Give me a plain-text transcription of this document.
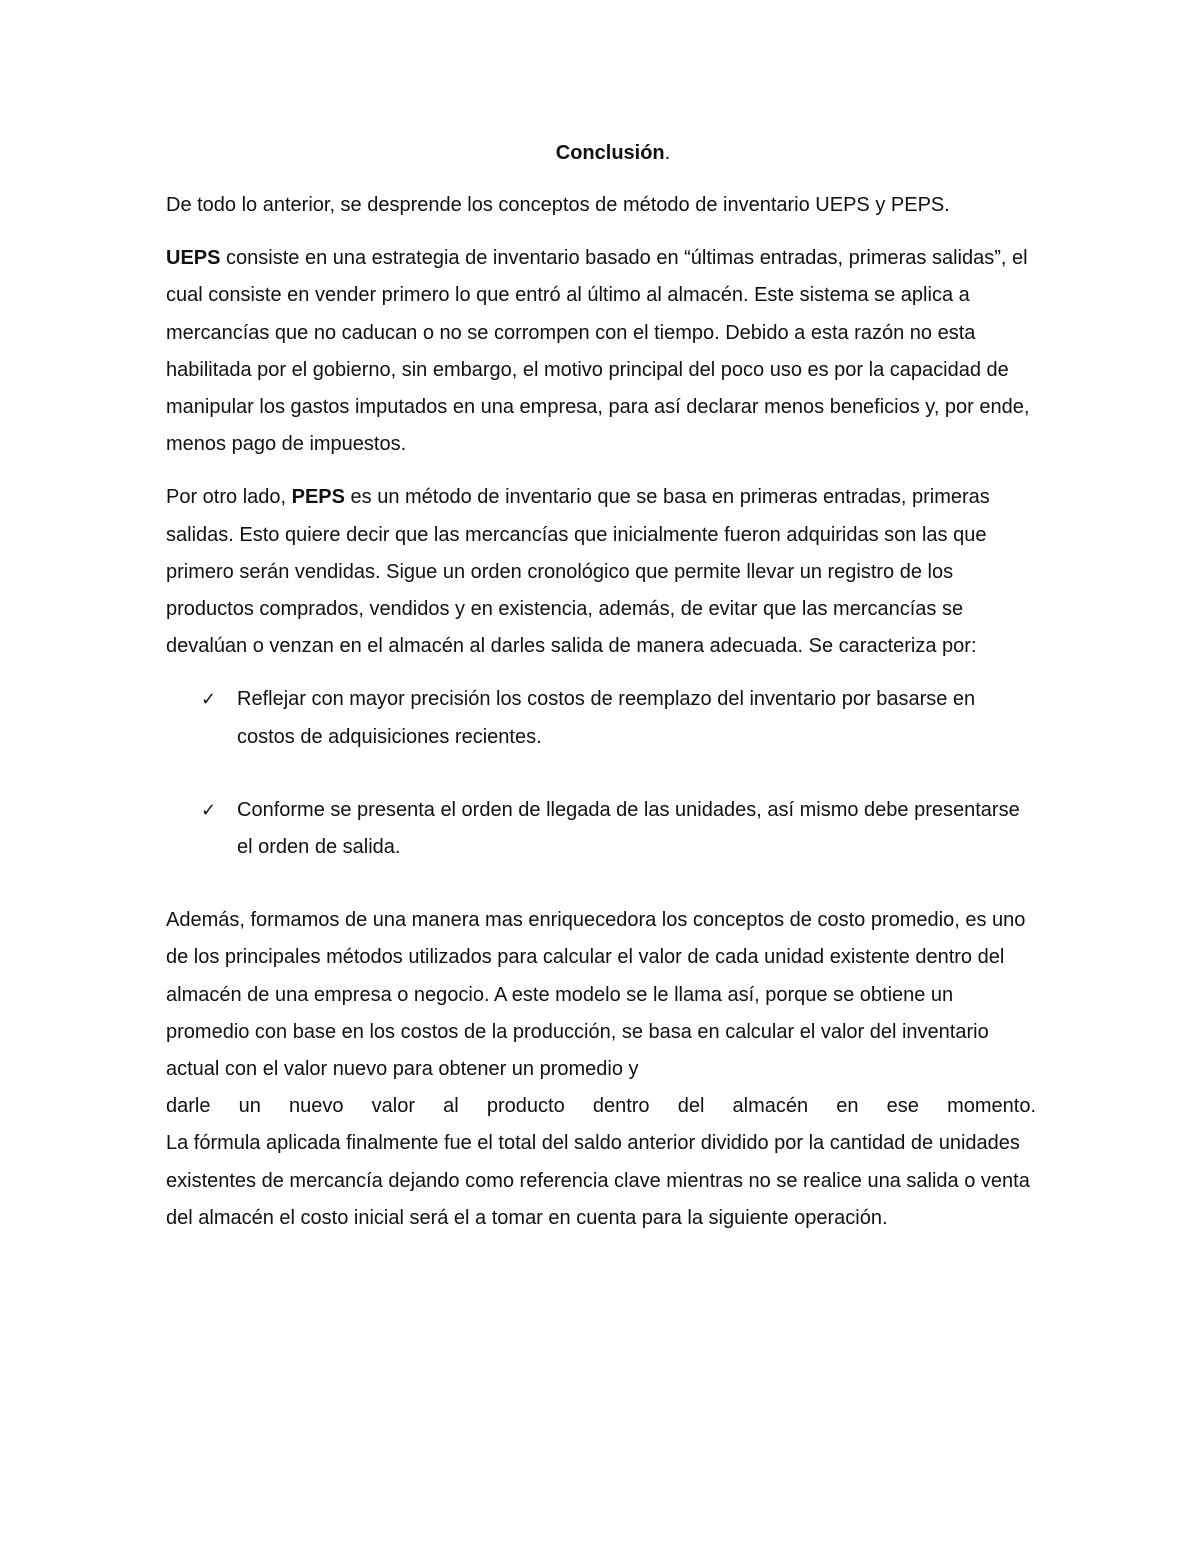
Conclusión.

De todo lo anterior, se desprende los conceptos de método de inventario UEPS y PEPS.

UEPS consiste en una estrategia de inventario basado en “últimas entradas, primeras salidas”, el cual consiste en vender primero lo que entró al último al almacén. Este sistema se aplica a mercancías que no caducan o no se corrompen con el tiempo. Debido a esta razón no esta habilitada por el gobierno, sin embargo, el motivo principal del poco uso es por la capacidad de manipular los gastos imputados en una empresa, para así declarar menos beneficios y, por ende, menos pago de impuestos.

Por otro lado, PEPS es un método de inventario que se basa en primeras entradas, primeras salidas. Esto quiere decir que las mercancías que inicialmente fueron adquiridas son las que primero serán vendidas. Sigue un orden cronológico que permite llevar un registro de los productos comprados, vendidos y en existencia, además, de evitar que las mercancías se devalúan o venzan en el almacén al darles salida de manera adecuada. Se caracteriza por:

✓ Reflejar con mayor precisión los costos de reemplazo del inventario por basarse en costos de adquisiciones recientes.
✓ Conforme se presenta el orden de llegada de las unidades, así mismo debe presentarse el orden de salida.

Además, formamos de una manera mas enriquecedora los conceptos de costo promedio, es uno de los principales métodos utilizados para calcular el valor de cada unidad existente dentro del almacén de una empresa o negocio. A este modelo se le llama así, porque se obtiene un promedio con base en los costos de la producción, se basa en calcular el valor del inventario actual con el valor nuevo para obtener un promedio y
darle un nuevo valor al producto dentro del almacén en ese momento.
La fórmula aplicada finalmente fue el total del saldo anterior dividido por la cantidad de unidades existentes de mercancía dejando como referencia clave mientras no se realice una salida o venta del almacén el costo inicial será el a tomar en cuenta para la siguiente operación.
